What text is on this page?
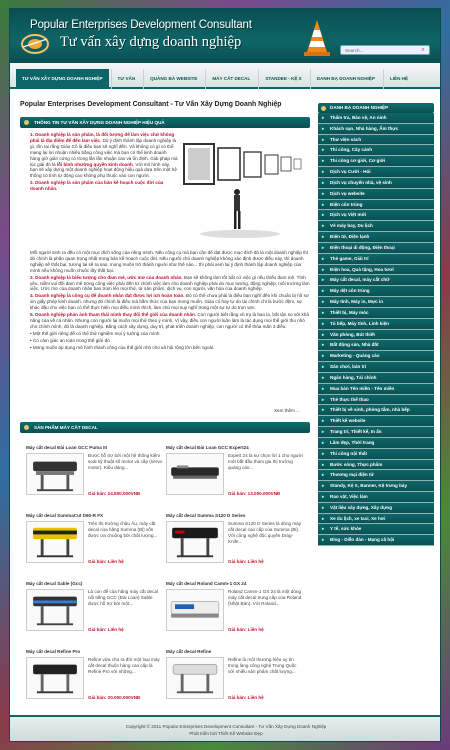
Popular Enterprises Development Consultant
Tư vấn xây dựng doanh nghiệp
Search...	⌕
TƯ VẤN XÂY DỰNG DOANH NGHIỆP	TƯ VẤN	QUẢNG BÁ WEBSITE	MÁY CẮT DECAL	STANDEE - KỆ X	DANH BẠ DOANH NGHIỆP	LIÊN HỆ
Popular Enterprises Development Consultant - Tư Vấn Xây Dựng Doanh Nghiệp
THÔNG TIN TƯ VẤN XÂY DỰNG DOANH NGHIỆP HIỆU QUẢ

1. Doanh nghiệp là sản phẩm, là đối tượng để làm việc chứ không phải là địa điểm để đến làm việc. Dù ý định thành lập doanh nghiệp là gì, tồn tại rằng Giáo Cô là điều bạn sẽ nghĩ đến. Và không có gì có thể mang lại lợi nhuận nhiều bằng công việc mà bạn có thể kinh doanh hàng giờ giản cứng có trong lần lần nhuận cao và ổn định. Giải pháp mà lúc giải đó là lỗi bình nhường quyền kinh doanh. Với mô hình này, bạn sẽ xây dựng một doanh nghiệp hoạt động hiệu quả dựa trên một hệ thống có tính tự động cao không phụ thuộc vào con người.

2. Doanh nghiệp là sản phẩm của bản kế hoạch cuộc đời của doanh nhân.

Mỗi người sinh ra đều có một mục đích sống của riêng mình. Nếu công cụ mà bạn cần để đạt được mục đích đó là một doanh nghiệp thì đó chính là phần quan trọng nhất trong bản kế hoạch cuộc đời. Nếu người chủ doanh nghiệp không xác định được điều này, thì doanh nghiệp sẽ thất bại, tương lai sẽ ra sao, mong muốn trở thành người như thế nào... thì phải xem lại ý định thành lập doanh nghiệp của mình nếu không muốn chuốc lấy thất bại.

3. Doanh nghiệp là biểu tượng cho đam mê, ước mơ của doanh nhân. Bạn sẽ không làm tốt bất cứ việc gì nếu thiếu đam mê. Tình yêu, niềm vui đối đam mê trong công việc phải đến từ chính việc làm chủ doanh nghiệp phải do mục tương, động nghiệp, mối trường làm việc. Ước mơ của doanh nhân bao trùm lên mọi thứ, từ sản phẩm, dịch vụ, con người, văn hóa của doanh nghiệp.

4. Doanh nghiệp là công cụ để doanh nhân đạt được lợi ích hoàn toàn. Đó có thể chưa phải là điều bạn nghĩ đến khi chuẩn bị hồ sơ xin giấy phép kinh doanh, nhưng đó chính là điều mà bằm thức của bạn mong muốn. Giàu có hay tự do tài chính chỉ là bước đệm, sự khác đầu cho việc bạn có thể thực hiện mọi điều mình thích, làm chủ mọi suy nghĩ trong một sự tự do trọn vẹn.

5. Doanh nghiệp phản ánh tham thái mình thay đổi thế giới của doanh nhân. Con người biết rằng vũ trụ là bao la, bất tận so với khả năng của về cá nhân. Nhưng con người lại muốn mọi thứ theo ý mình. Vì vậy, điều con người luôn làm là tác dụng mọi thế giới thu nhỏ cho chính mình, đó là doanh nghiệp. Bằng cách xây dựng, duy trì, phát triển doanh nghiệp, con người có thể thỏa mãn 3 điều:

• Một thế giới riêng để có thể thử nghiệm mọi ý tưởng của mình

• Có cảm giác an toàn trong thế giới đó

• Mong muốn áp dụng mô hình thành công của thế giới nhỏ cho xã hội rộng lớn bên ngoài.

Xem thêm ...
SẢN PHẨM MÁY CẮT DECAL
Máy cắt decal Đài Loan GCC Puma III
Được hỗ trợ bởi một hệ thống kiểm soát kỹ thuật số motor và cắp (servo motor). Kiểu dáng...
Giá bán: 24.500.000VNĐ
Máy cắt decal Đài Loan GCC Expert24
Expert 24 là sự chọn lời 1 cho người mới bắt đầu tham gia thị trường quảng cáo...
Giá bán: 13.000.000VNĐ
Máy cắt decal SummaCut D60-R FX
Trên thị trường châu Âu, máy cắt decal của hãng Summa (Bỉ) vốn được ưa chuộng bởi chất lượng...
Giá bán: Liên hệ
Máy cắt decal Summa S120 D Series
Summa S120 D Series là dòng máy cắt decal cao cấp của Summa (Bỉ). Với công nghệ độc quyền Drag-Knife...
Giá bán: Liên hệ
Máy cắt decal Sable (Gcc)
Là con để của hãng máy cắt decal nổi tiếng GCC (Đài Loan) Sable được hỗ trợ bởi một...
Giá bán: Liên hệ
Máy cắt decal Roland Camm-1 GX 24
Roland Camm-1 GX 24 là một dòng máy cắt decal trung cấp của Roland (Nhật Bản). Với Roland...
Giá bán: Liên hệ
Máy cắt decal Refine Pro
Refine vừa cho ra đời một loại máy cắt decal thuộc hàng cao cấp là Refine Pro với những...
Giá bán: 20.000.000VNĐ
Máy cắt decal Refine
Refine là một thương hiệu uy tín trong làng công nghệ Trung Quốc với nhiều sản phẩm chất lượng...
Giá bán: Liên hệ
DANH BẠ DOANH NGHIỆP
▸ Thẩm tra, Bảo vệ, An ninh
▸ Khách sạn, Nhà hàng, Ẩm thực
▸ Thư viện sách
▸ Thi công, Cây cảnh
▸ Thi công cơ giới, Cơ giới
▸ Dịch vụ Cưới - Hỏi
▸ Dịch vụ chuyển nhà, vệ sinh
▸ Dịch vụ website
▸ Điện côn trùng
▸ Dịch vụ Việt mới
▸ Vé máy bay, Du lịch
▸ Điện tử, Điện lạnh
▸ Điện thoại di động, Điện thoại
▸ Thẻ game, Giải trí
▸ Điện hoa, Quà tặng, Hoa tươi
▸ Máy cắt decal, máy cắt chữ
▸ Máy dệt côn trùng
▸ Máy tính, Máy in, Mực in
▸ Thiết bị, Máy móc
▸ Tủ bếp, Máy tính, Linh kiện
▸ Văn phòng, Bút thiết
▸ Bất động sản, Nhà đất
▸ Marketing - Quảng cáo
▸ Sân chơi, bán trí
▸ Ngân hàng, Tài chính
▸ Mua bán Tên miền - Tên miền
▸ Thẻ thực thể thao
▸ Thiết bị về sinh, phòng tắm, nhà bếp
▸ Thiết kế website
▸ Trang trí, Thiết kế, In ấn
▸ Lâm đẹp, Thời trang
▸ Thi công nội thất
▸ Bước sóng, Thực phẩm
▸ Thương mại điện tử
▸ Standy, Kệ X, Banner, Kệ trưng bày
▸ Rao vặt, Việc làm
▸ Vật liệu xây dựng, Xây dựng
▸ Xe du lịch, xe taxi, Xe hơi
▸ Y tế, sức khỏe
▸ Blog - Diễn đàn - Mạng xã hội
Copyright © 2011 Popular Enterprises Development Consultant - Tư Vấn Xây Dựng Doanh Nghiệp
Phát triển bởi Thiết Kế Website Đẹp
